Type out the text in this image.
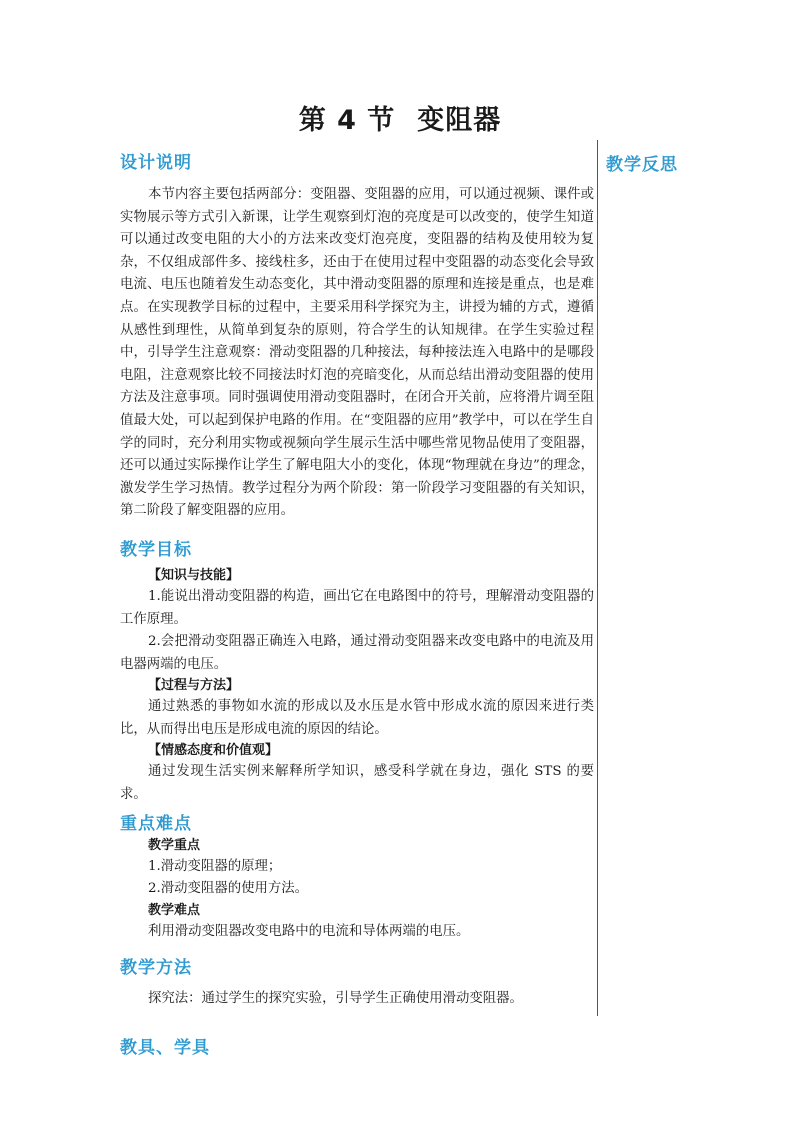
第 4 节 变阻器
教学反思
设计说明

本节内容主要包括两部分：变阻器、变阻器的应用，可以通过视频、课件或实物展示等方式引入新课，让学生观察到灯泡的亮度是可以改变的，使学生知道可以通过改变电阻的大小的方法来改变灯泡亮度，变阻器的结构及使用较为复杂，不仅组成部件多、接线柱多，还由于在使用过程中变阻器的动态变化会导致电流、电压也随着发生动态变化，其中滑动变阻器的原理和连接是重点，也是难点。在实现教学目标的过程中，主要采用科学探究为主，讲授为辅的方式，遵循从感性到理性，从简单到复杂的原则，符合学生的认知规律。在学生实验过程中，引导学生注意观察：滑动变阻器的几种接法，每种接法连入电路中的是哪段电阻，注意观察比较不同接法时灯泡的亮暗变化，从而总结出滑动变阻器的使用方法及注意事项。同时强调使用滑动变阻器时，在闭合开关前，应将滑片调至阻值最大处，可以起到保护电路的作用。在“变阻器的应用”教学中，可以在学生自学的同时，充分利用实物或视频向学生展示生活中哪些常见物品使用了变阻器，还可以通过实际操作让学生了解电阻大小的变化，体现“物理就在身边”的理念，激发学生学习热情。教学过程分为两个阶段：第一阶段学习变阻器的有关知识，第二阶段了解变阻器的应用。

教学目标
【知识与技能】

1.能说出滑动变阻器的构造，画出它在电路图中的符号，理解滑动变阻器的工作原理。

2.会把滑动变阻器正确连入电路，通过滑动变阻器来改变电路中的电流及用电器两端的电压。

【过程与方法】

通过熟悉的事物如水流的形成以及水压是水管中形成水流的原因来进行类比，从而得出电压是形成电流的原因的结论。

【情感态度和价值观】

通过发现生活实例来解释所学知识，感受科学就在身边，强化 STS 的要求。

重点难点
教学重点
1.滑动变阻器的原理；
2.滑动变阻器的使用方法。
教学难点
利用滑动变阻器改变电路中的电流和导体两端的电压。
教学方法
探究法：通过学生的探究实验，引导学生正确使用滑动变阻器。
教具、学具
